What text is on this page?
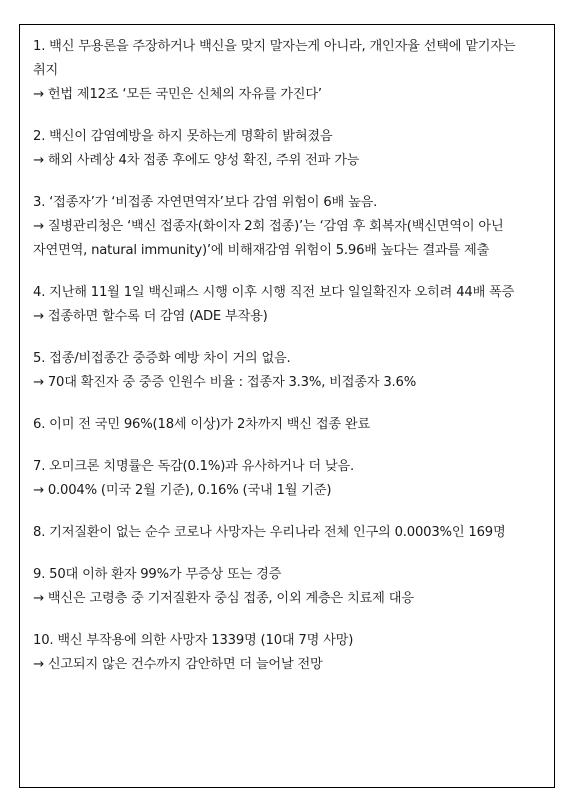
1. 백신 무용론을 주장하거나 백신을 맞지 말자는게 아니라, 개인자율 선택에 맡기자는 취지
→ 헌법 제12조 ‘모든 국민은 신체의 자유를 가진다’
2. 백신이 감염예방을 하지 못하는게 명확히 밝혀졌음
→ 해외 사례상 4차 접종 후에도 양성 확진, 주위 전파 가능
3. ‘접종자’가 ‘비접종 자연면역자’보다 감염 위험이 6배 높음.
→ 질병관리청은 ‘백신 접종자(화이자 2회 접종)’는 ‘감염 후 회복자(백신면역이 아닌 자연면역, natural immunity)’에 비해재감염 위험이 5.96배 높다는 결과를 제출
4. 지난해 11월 1일 백신패스 시행 이후 시행 직전 보다 일일확진자 오히려 44배 폭증
→ 접종하면 할수록 더 감염 (ADE 부작용)
5. 접종/비접종간 중증화 예방 차이 거의 없음.
→ 70대 확진자 중 중증 인원수 비율 : 접종자 3.3%, 비접종자 3.6%
6. 이미 전 국민 96%(18세 이상)가 2차까지 백신 접종 완료
7. 오미크론 치명률은 독감(0.1%)과 유사하거나 더 낮음.
→ 0.004% (미국 2월 기준), 0.16% (국내 1월 기준)
8. 기저질환이 없는 순수 코로나 사망자는 우리나라 전체 인구의 0.0003%인 169명
9. 50대 이하 환자 99%가 무증상 또는 경증
→ 백신은 고령층 중 기저질환자 중심 접종, 이외 계층은 치료제 대응
10. 백신 부작용에 의한 사망자 1339명 (10대 7명 사망)
→ 신고되지 않은 건수까지 감안하면 더 늘어날 전망
